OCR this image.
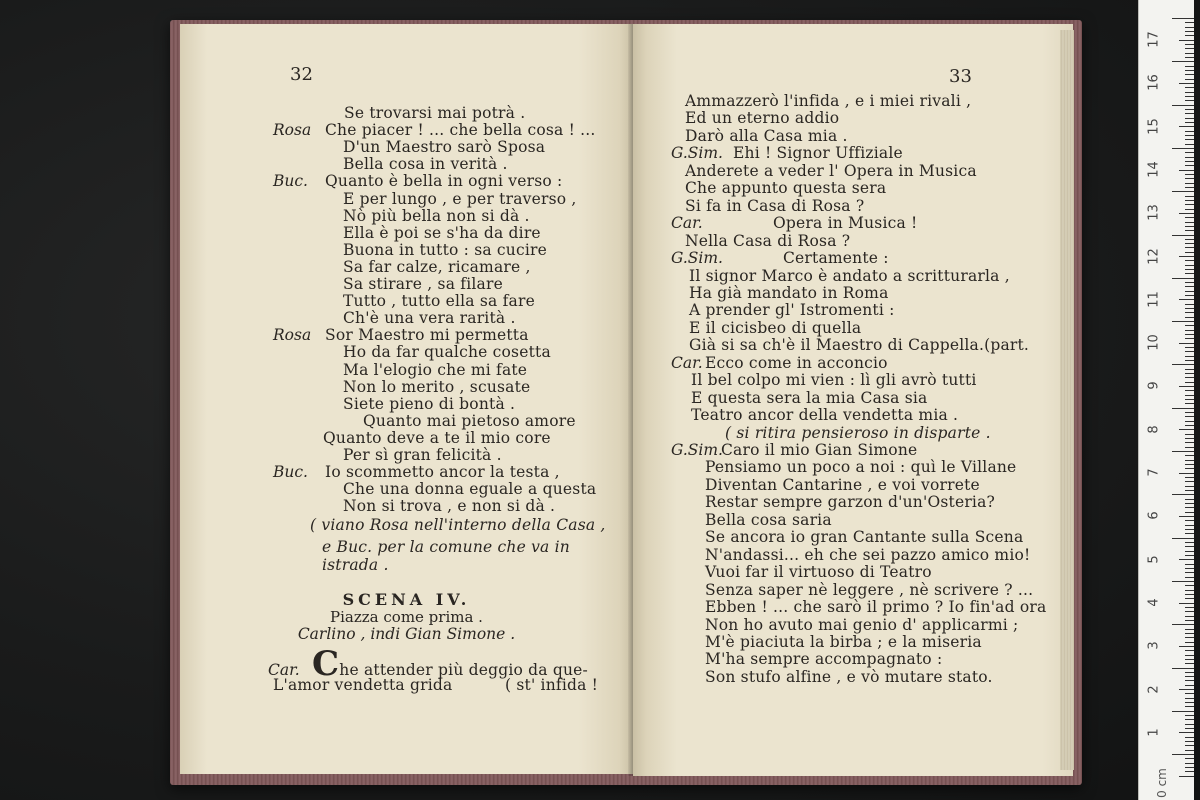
32
Se trovarsi mai potrà .
Rosa Che piacer ! ... che bella cosa ! ...
D'un Maestro sarò Sposa
Bella cosa in verità .
Buc. Quanto è bella in ogni verso :
E per lungo , e per traverso ,
Nò più bella non si dà .
Ella è poi se s'ha da dire
Buona in tutto : sa cucire
Sa far calze, ricamare ,
Sa stirare , sa filare
Tutto , tutto ella sa fare
Ch'è una vera rarità .
Rosa Sor Maestro mi permetta
Ho da far qualche cosetta
Ma l'elogio che mi fate
Non lo merito , scusate
Siete pieno di bontà .
Quanto mai pietoso amore
Quanto deve a te il mio core
Per sì gran felicità .
Buc. Io scommetto ancor la testa ,
Che una donna eguale a questa
Non si trova , e non si dà .
( viano Rosa nell'interno della Casa ,
e Buc. per la comune che va in
istrada .
SCENA IV.
Piazza come prima .
Carlino , indi Gian Simone .
Car. Che attender più deggio da que-
L'amor vendetta grida	( st' infida !
33
Ammazzerò l'infida , e i miei rivali ,
Ed un eterno addio
Darò alla Casa mia .
G.Sim. Ehi ! Signor Uffiziale
Anderete a veder l' Opera in Musica
Che appunto questa sera
Si fa in Casa di Rosa ?
Car.	Opera in Musica !
Nella Casa di Rosa ?
G.Sim.	Certamente :
Il signor Marco è andato a scritturarla ,
Ha già mandato in Roma
A prender gl' Istromenti :
E il cicisbeo di quella
Già si sa ch'è il Maestro di Cappella.(part.
Car. Ecco come in acconcio
Il bel colpo mi vien : lì gli avrò tutti
E questa sera la mia Casa sia
Teatro ancor della vendetta mia .
( si ritira pensieroso in disparte .
G.Sim.
Caro il mio Gian Simone
Pensiamo un poco a noi : quì le Villane
Diventan Cantarine , e voi vorrete
Restar sempre garzon d'un'Osteria?
Bella cosa saria
Se ancora io gran Cantante sulla Scena
N'andassi... eh che sei pazzo amico mio!
Vuoi far il virtuoso di Teatro
Senza saper nè leggere , nè scrivere ? ...
Ebben ! ... che sarò il primo ? Io fin'ad ora
Non ho avuto mai genio d' applicarmi ;
M'è piaciuta la birba ; e la miseria
M'ha sempre accompagnato :
Son stufo alfine , e vò mutare stato.
17
16
15
14
13
12
11
10
9
8
7
6
5
4
3
2
1
0 cm
